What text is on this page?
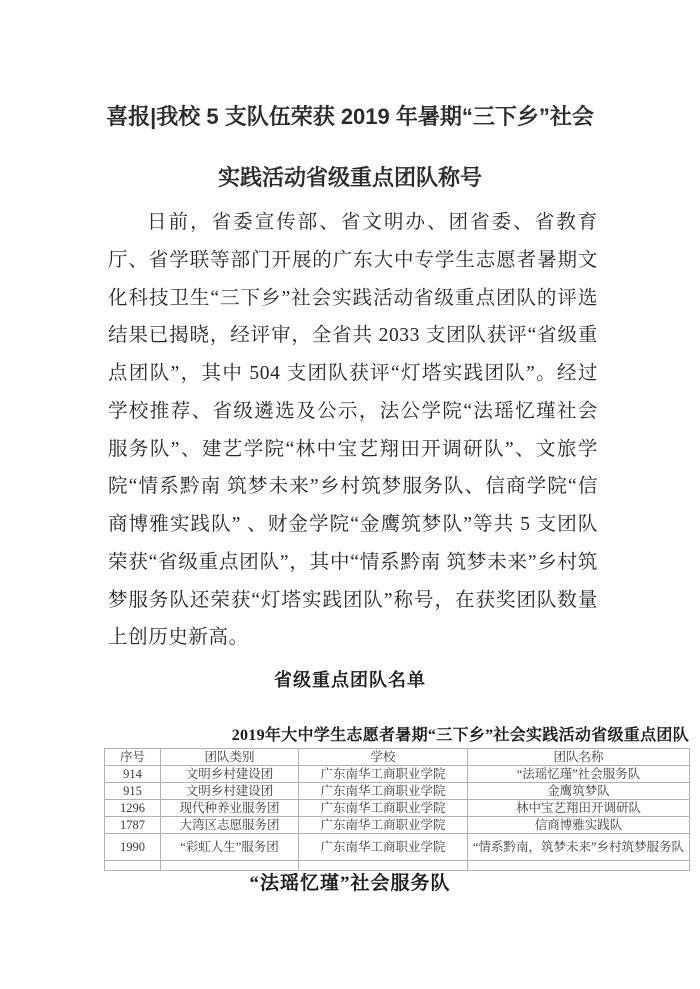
喜报|我校 5 支队伍荣获 2019 年暑期“三下乡”社会
实践活动省级重点团队称号
日前，省委宣传部、省文明办、团省委、省教育厅、省学联等部门开展的广东大中专学生志愿者暑期文化科技卫生“三下乡”社会实践活动省级重点团队的评选结果已揭晓，经评审，全省共 2033 支团队获评“省级重点团队”，其中 504 支团队获评“灯塔实践团队”。经过学校推荐、省级遴选及公示，法公学院“法瑶忆瑾社会服务队”、建艺学院“林中宝艺翔田开调研队”、文旅学院“情系黔南 筑梦未来”乡村筑梦服务队、信商学院“信商博雅实践队” 、财金学院“金鹰筑梦队”等共 5 支团队荣获“省级重点团队”，其中“情系黔南 筑梦未来”乡村筑梦服务队还荣获“灯塔实践团队”称号，在获奖团队数量上创历史新高。
省级重点团队名单
2019年大中学生志愿者暑期“三下乡”社会实践活动省级重点团队
序号	团队类别	学校	团队名称
914	文明乡村建设团	广东南华工商职业学院	“法瑶忆瑾”社会服务队
915	文明乡村建设团	广东南华工商职业学院	金鹰筑梦队
1296	现代种养业服务团	广东南华工商职业学院	林中宝艺翔田开调研队
1787	大湾区志愿服务团	广东南华工商职业学院	信商博雅实践队
1990	“彩虹人生”服务团	广东南华工商职业学院	“情系黔南，筑梦未来”乡村筑梦服务队

“法瑶忆瑾”社会服务队
